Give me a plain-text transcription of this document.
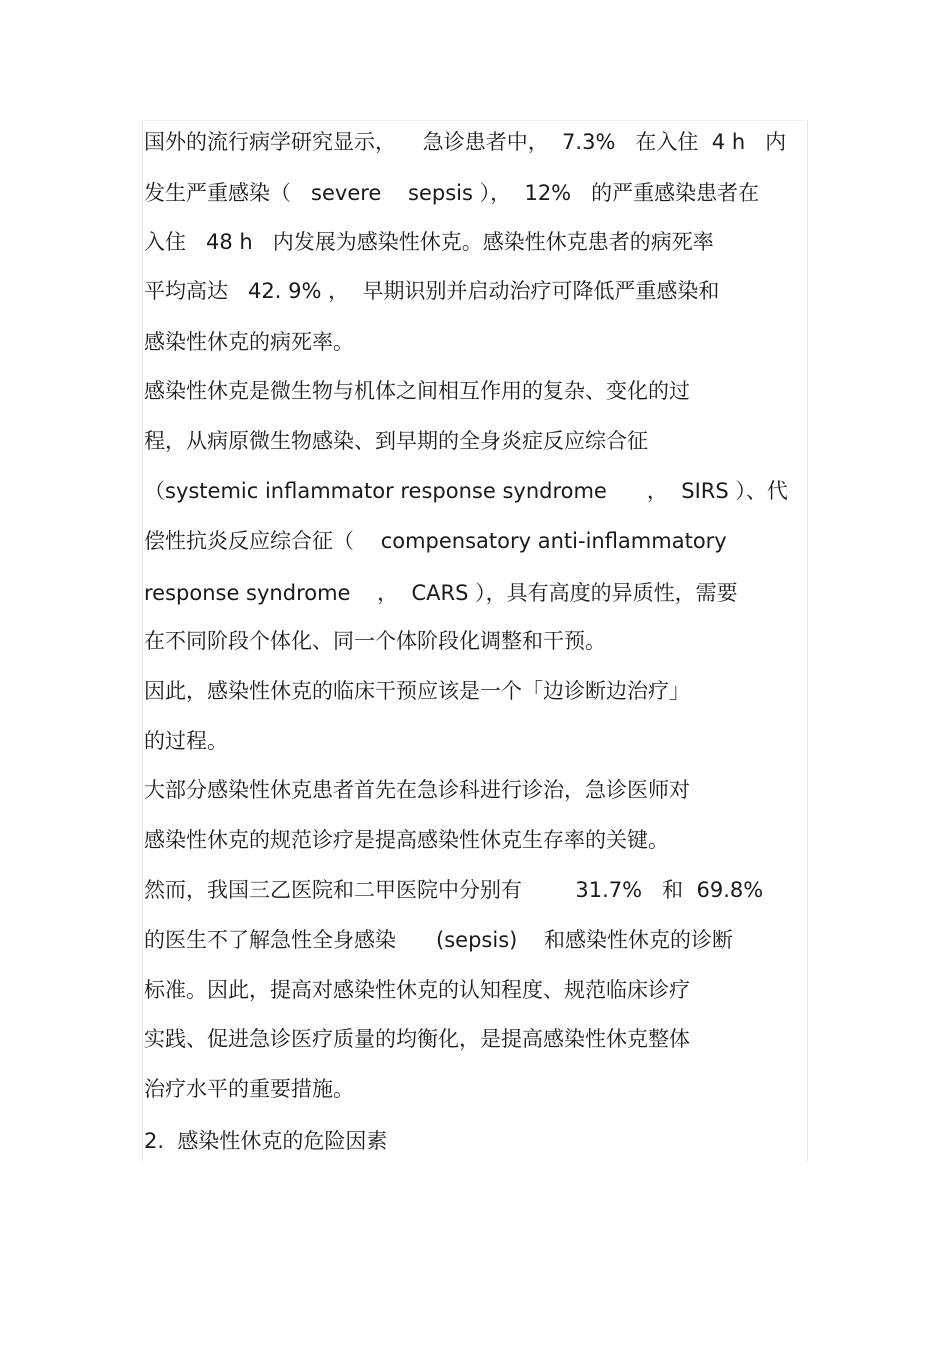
国外的流行病学研究显示，    急诊患者中，  7.3%   在入住  4 h   内
发生严重感染（   severe    sepsis ），  12%   的严重感染患者在
入住   48 h   内发展为感染性休克。感染性休克患者的病死率
平均高达   42. 9% ，  早期识别并启动治疗可降低严重感染和
感染性休克的病死率。
感染性休克是微生物与机体之间相互作用的复杂、变化的过
程，从病原微生物感染、到早期的全身炎症反应综合征
（systemic inflammator response syndrome      ，  SIRS ）、代
偿性抗炎反应综合征（    compensatory anti-inflammatory
response syndrome    ，  CARS ），具有高度的异质性，需要
在不同阶段个体化、同一个体阶段化调整和干预。
因此，感染性休克的临床干预应该是一个「边诊断边治疗」
的过程。
大部分感染性休克患者首先在急诊科进行诊治，急诊医师对
感染性休克的规范诊疗是提高感染性休克生存率的关键。
然而，我国三乙医院和二甲医院中分别有        31.7%   和  69.8%
的医生不了解急性全身感染      (sepsis)    和感染性休克的诊断
标准。因此，提高对感染性休克的认知程度、规范临床诊疗
实践、促进急诊医疗质量的均衡化，是提高感染性休克整体
治疗水平的重要措施。
2.  感染性休克的危险因素
